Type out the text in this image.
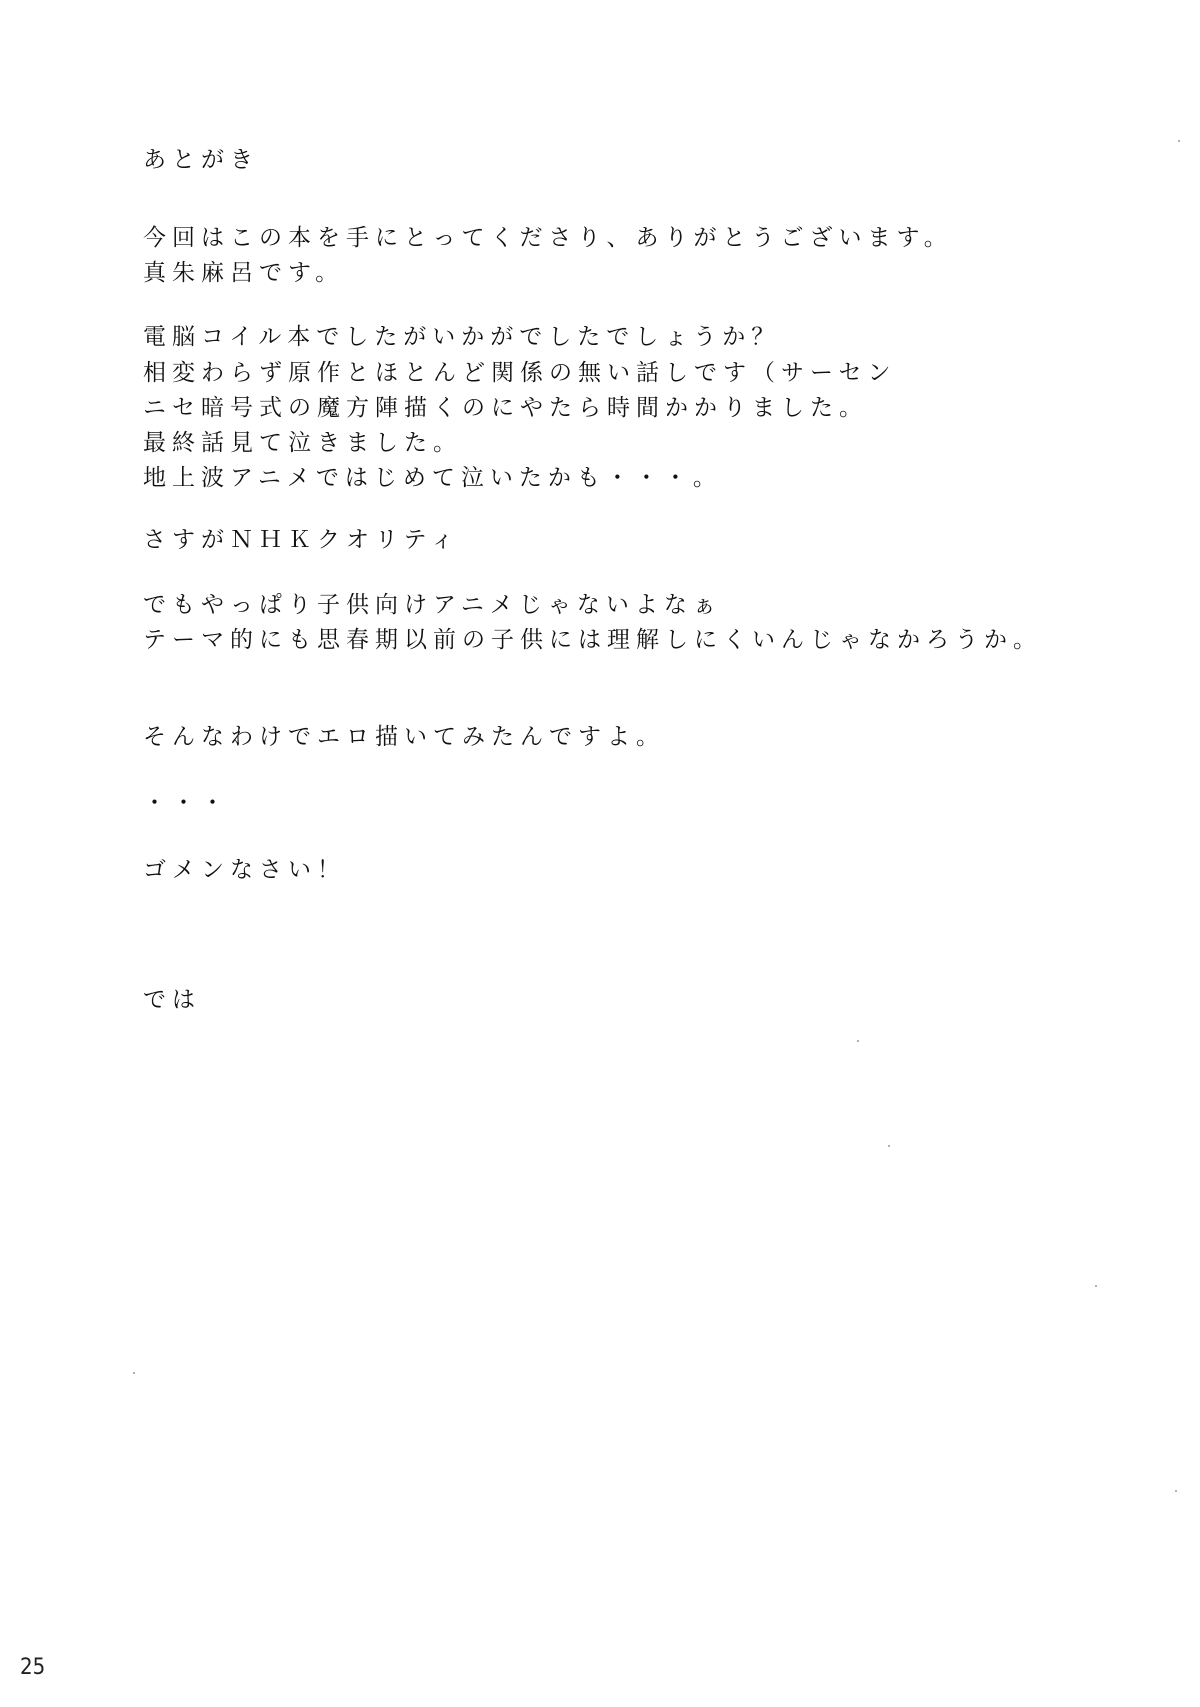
あとがき
今回はこの本を手にとってくださり、ありがとうございます。
真朱麻呂です。
電脳コイル本でしたがいかがでしたでしょうか？
相変わらず原作とほとんど関係の無い話しです（サーセン
ニセ暗号式の魔方陣描くのにやたら時間かかりました。
最終話見て泣きました。
地上波アニメではじめて泣いたかも・・・。
さすがＮＨＫクオリティ
でもやっぱり子供向けアニメじゃないよなぁ
テーマ的にも思春期以前の子供には理解しにくいんじゃなかろうか。
そんなわけでエロ描いてみたんですよ。
・・・
ゴメンなさい！
では
25
